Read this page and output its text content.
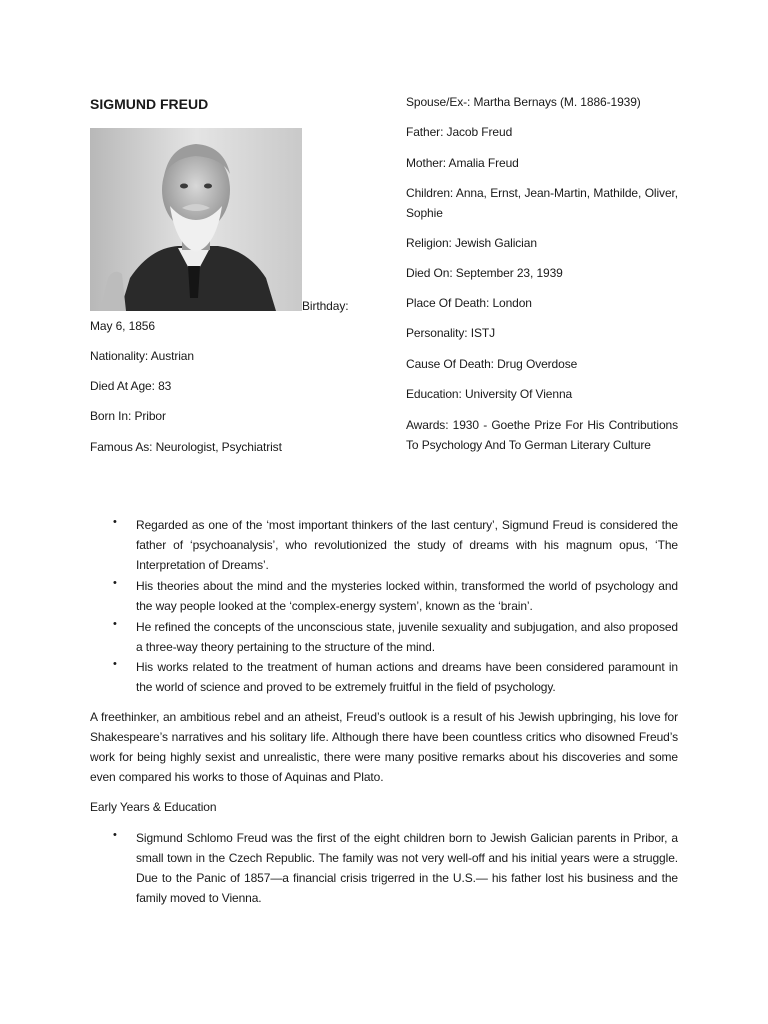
SIGMUND FREUD
Birthday:
May 6, 1856
Nationality: Austrian
Died At Age: 83
Born In: Pribor
Famous As: Neurologist, Psychiatrist
Spouse/Ex-: Martha Bernays (M. 1886-1939)
Father: Jacob Freud
Mother: Amalia Freud
Children: Anna, Ernst, Jean-Martin, Mathilde, Oliver, Sophie
Religion: Jewish Galician
Died On: September 23, 1939
Place Of Death: London
Personality: ISTJ
Cause Of Death: Drug Overdose
Education: University Of Vienna
Awards: 1930 - Goethe Prize For His Contributions To Psychology And To German Literary Culture
• Regarded as one of the ‘most important thinkers of the last century’, Sigmund Freud is considered the father of ‘psychoanalysis’, who revolutionized the study of dreams with his magnum opus, ‘The Interpretation of Dreams’.
• His theories about the mind and the mysteries locked within, transformed the world of psychology and the way people looked at the ‘complex-energy system’, known as the ‘brain’.
• He refined the concepts of the unconscious state, juvenile sexuality and subjugation, and also proposed a three-way theory pertaining to the structure of the mind.
• His works related to the treatment of human actions and dreams have been considered paramount in the world of science and proved to be extremely fruitful in the field of psychology.
A freethinker, an ambitious rebel and an atheist, Freud’s outlook is a result of his Jewish upbringing, his love for Shakespeare’s narratives and his solitary life. Although there have been countless critics who disowned Freud’s work for being highly sexist and unrealistic, there were many positive remarks about his discoveries and some even compared his works to those of Aquinas and Plato.
Early Years & Education
• Sigmund Schlomo Freud was the first of the eight children born to Jewish Galician parents in Pribor, a small town in the Czech Republic. The family was not very well-off and his initial years were a struggle. Due to the Panic of 1857—a financial crisis trigerred in the U.S.— his father lost his business and the family moved to Vienna.
